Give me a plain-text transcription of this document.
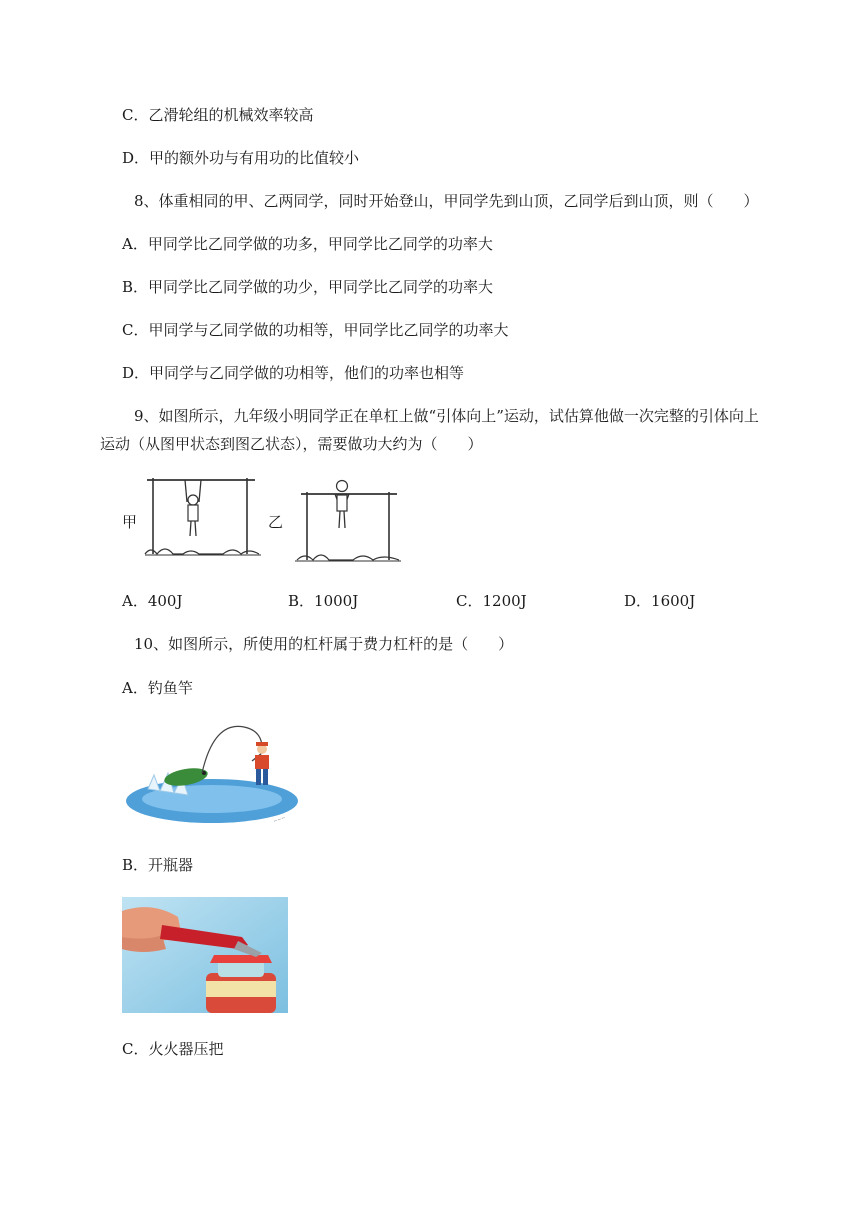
C．乙滑轮组的机械效率较高
D．甲的额外功与有用功的比值较小
8、体重相同的甲、乙两同学，同时开始登山，甲同学先到山顶，乙同学后到山顶，则（　　）
A．甲同学比乙同学做的功多，甲同学比乙同学的功率大
B．甲同学比乙同学做的功少，甲同学比乙同学的功率大
C．甲同学与乙同学做的功相等，甲同学比乙同学的功率大
D．甲同学与乙同学做的功相等，他们的功率也相等
9、如图所示，九年级小明同学正在单杠上做“引体向上”运动，试估算他做一次完整的引体向上
运动（从图甲状态到图乙状态），需要做功大约为（　　）
甲	乙
A．400J	B．1000J	C．1200J	D．1600J
10、如图所示，所使用的杠杆属于费力杠杆的是（　　）
A．钓鱼竿
~~~
B．开瓶器
C．火火器压把
